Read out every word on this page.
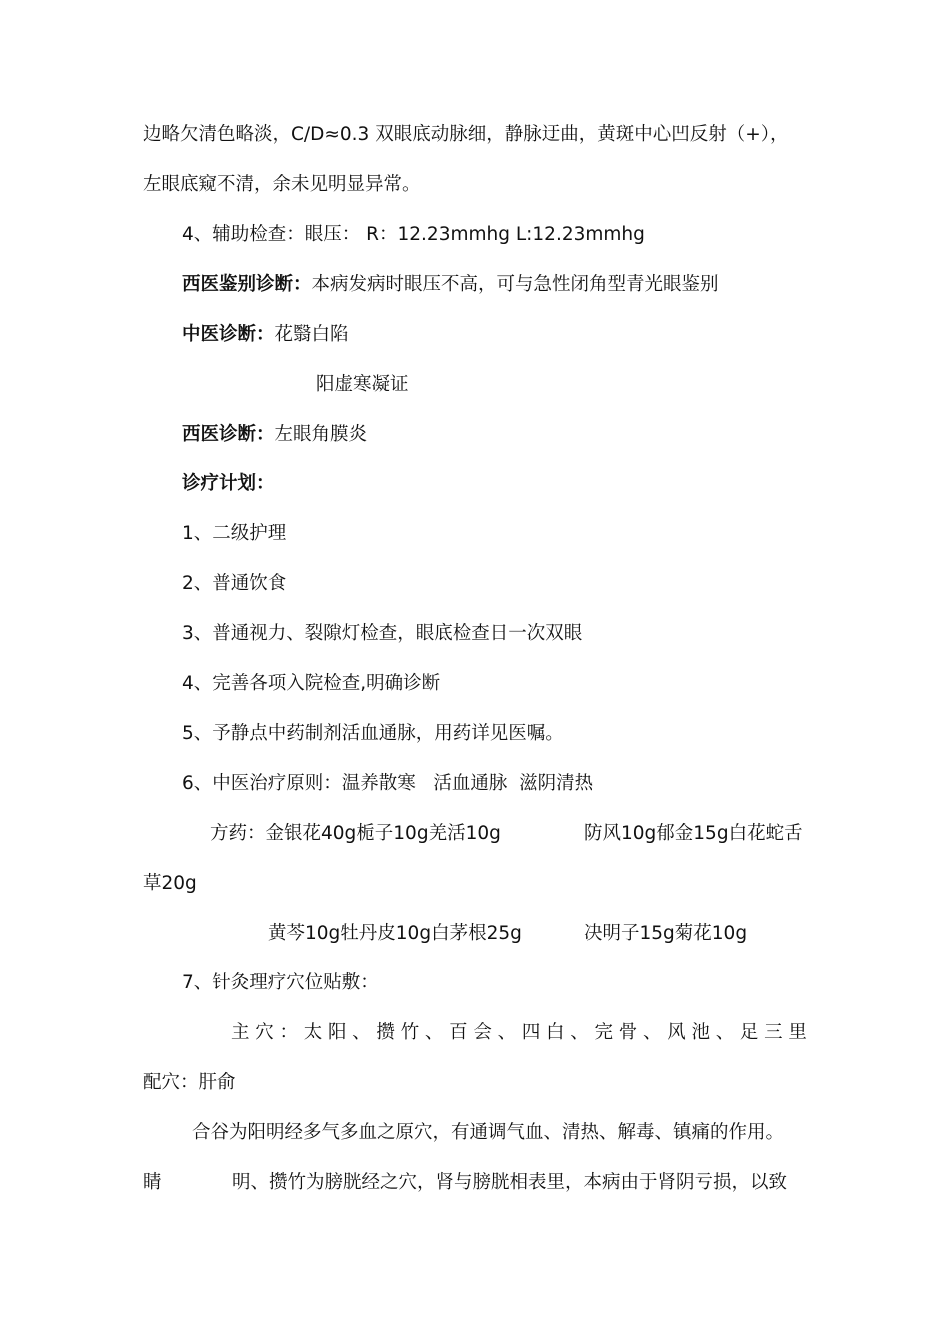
边略欠清色略淡，C/D≈0.3 双眼底动脉细，静脉迂曲，黄斑中心凹反射（+），
左眼底窥不清，余未见明显异常。
4、辅助检查：眼压： R：12.23mmhg L:12.23mmhg
西医鉴别诊断：本病发病时眼压不高，可与急性闭角型青光眼鉴别
中医诊断：花翳白陷
阳虚寒凝证
西医诊断：左眼角膜炎
诊疗计划：
1、二级护理
2、普通饮食
3、普通视力、裂隙灯检查，眼底检查日一次双眼
4、完善各项入院检查,明确诊断
5、予静点中药制剂活血通脉，用药详见医嘱。
6、中医治疗原则：温养散寒   活血通脉  滋阴清热
方药：金银花40g栀子10g羌活10g	防风10g郁金15g白花蛇舌
草20g
黄芩10g牡丹皮10g白茅根25g	决明子15g菊花10g
7、针灸理疗穴位贴敷：
主 穴 ： 太 阳 、 攒 竹 、 百 会 、 四 白 、 完 骨 、 风 池 、 足 三 里
配穴：肝俞
合谷为阳明经多气多血之原穴，有通调气血、清热、解毒、镇痛的作用。
睛	明、攒竹为膀胱经之穴，肾与膀胱相表里，本病由于肾阴亏损，以致
